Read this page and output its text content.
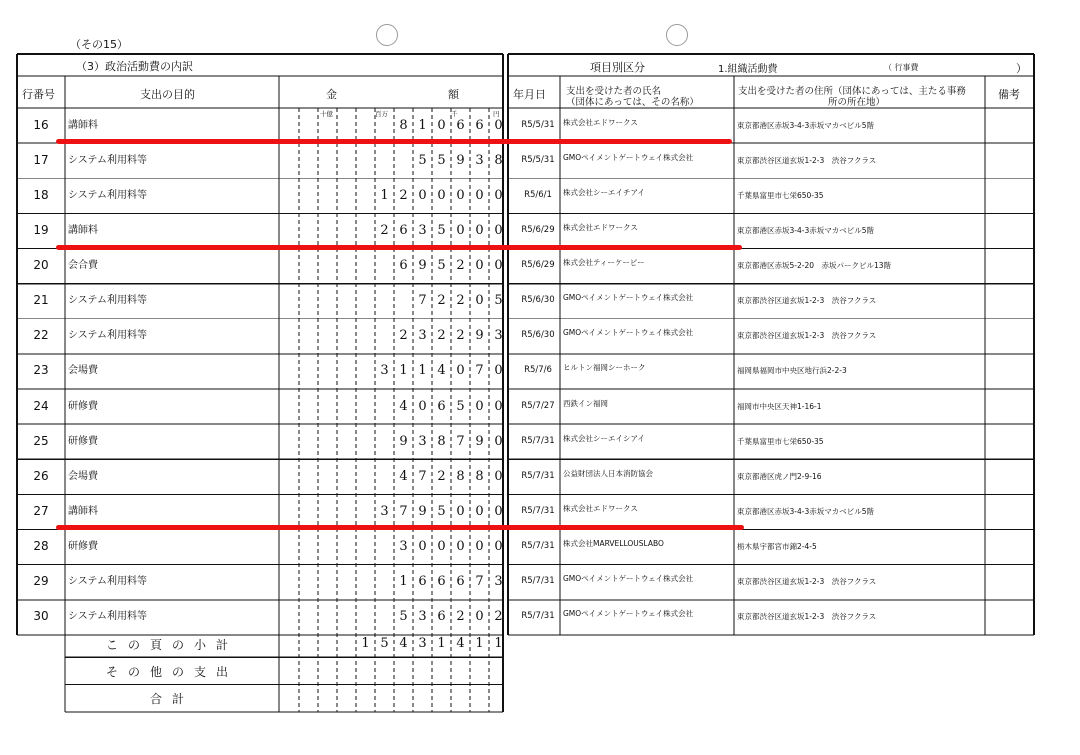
（その15）
（3）政治活動費の内訳	項目別区分	1.組織活動費	（ 行事費	）
行番号	支出の目的	金	額	年月日 支出を受けた者の氏名
（団体にあっては、その名称）
支出を受けた者の住所（団体にあっては、主たる事務
所の所在地）
備考
十億	百万	千	円
16	講師料	8 1 0 6 6 0	R5/5/31	株式会社エドワークス	東京都港区赤坂3-4-3赤坂マカベビル5階
17	システム利用料等	5 5 9 3 8	R5/5/31	GMOペイメントゲートウェイ株式会社	東京都渋谷区道玄坂1-2-3　渋谷フクラス
18	システム利用料等	1 2 0 0 0 0 0	R5/6/1	株式会社シーエイチアイ	千葉県富里市七栄650-35
19	講師料	2 6 3 5 0 0 0	R5/6/29	株式会社エドワークス	東京都港区赤坂3-4-3赤坂マカベビル5階
20	会合費	6 9 5 2 0 0	R5/6/29	株式会社ティーケービー	東京都港区赤坂5-2-20　赤坂パークビル13階
21	システム利用料等	7 2 2 0 5	R5/6/30	GMOペイメントゲートウェイ株式会社	東京都渋谷区道玄坂1-2-3　渋谷フクラス
22	システム利用料等	2 3 2 2 9 3	R5/6/30	GMOペイメントゲートウェイ株式会社	東京都渋谷区道玄坂1-2-3　渋谷フクラス
23	会場費	3 1 1 4 0 7 0	R5/7/6	ヒルトン福岡シーホーク	福岡県福岡市中央区地行浜2-2-3
24	研修費	4 0 6 5 0 0	R5/7/27	西鉄イン福岡	福岡市中央区天神1-16-1
25	研修費	9 3 8 7 9 0	R5/7/31	株式会社シーエイシアイ	千葉県富里市七栄650-35
26	会場費	4 7 2 8 8 0	R5/7/31	公益財団法人日本消防協会	東京都港区虎ノ門2-9-16
27	講師料	3 7 9 5 0 0 0	R5/7/31	株式会社エドワークス	東京都港区赤坂3-4-3赤坂マカベビル5階
28	研修費	3 0 0 0 0 0	R5/7/31	株式会社MARVELLOUSLABO	栃木県宇都宮市錦2-4-5
29	システム利用料等	1 6 6 6 7 3	R5/7/31	GMOペイメントゲートウェイ株式会社	東京都渋谷区道玄坂1-2-3　渋谷フクラス
30	システム利用料等	5 3 6 2 0 2	R5/7/31	GMOペイメントゲートウェイ株式会社	東京都渋谷区道玄坂1-2-3　渋谷フクラス
この頁の小計	1 5 4 3 1 4 1 1
その他の支出
合計
